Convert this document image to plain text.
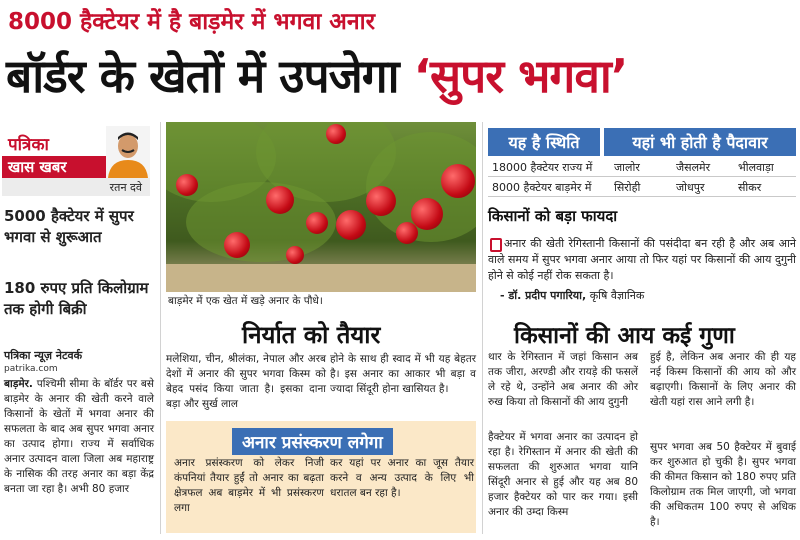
8000 हैक्टेयर में है बाड़मेर में भगवा अनार
बॉर्डर के खेतों में उपजेगा ‘सुपर भगवा’
पत्रिका
खास खबर
रतन दवे
5000 हैक्टेयर में सुपर भगवा से शुरूआत
180 रुपए प्रति किलोग्राम तक होगी बिक्री
पत्रिका न्यूज़ नेटवर्क
patrika.com
बाड़मेर. पश्चिमी सीमा के बॉर्डर पर बसे बाड़मेर के अनार की खेती करने वाले किसानों के खेतों में भगवा अनार की सफलता के बाद अब सुपर भगवा अनार का उत्पाद होगा। राज्य में सर्वाधिक अनार उत्पादन वाला जिला अब महाराष्ट्र के नासिक की तरह अनार का बड़ा केंद्र बनता जा रहा है। अभी 80 हजार
बाड़मेर में एक खेत में खड़े अनार के पौधे।
निर्यात को तैयार
मलेशिया, चीन, श्रीलंका, नेपाल और अरब देशों में अनार की सुपर भगवा किस्म को बेहद पसंद किया जाता है। इसका दाना बड़ा और सुर्ख लाल
होने के साथ ही स्वाद में भी यह बेहतर है। इस अनार का आकार भी बड़ा व ज्यादा सिंदूरी होना खासियत है।
अनार प्रसंस्करण लगेगा
अनार प्रसंस्करण को लेकर निजी कंपनियां तैयार हुईं तो अनार का बढ़ता क्षेत्रफल अब बाड़मेर में भी प्रसंस्करण लगा
कर यहां पर अनार का जूस तैयार करने व अन्य उत्पाद के लिए भी धरातल बन रहा है।
यह है स्थिति	यहां भी होती है पैदावार
18000 हैक्टेयर राज्य में जालोर	जैसलमेर	भीलवाड़ा
8000 हैक्टेयर बाड़मेर में सिरोही	जोधपुर	सीकर
किसानों को बड़ा फायदा
अनार की खेती रेगिस्तानी किसानों की पसंदीदा बन रही है और अब आने वाले समय में सुपर भगवा अनार आया तो फिर यहां पर किसानों की आय दुगुनी होने से कोई नहीं रोक सकता है।
- डॉ. प्रदीप पगारिया, कृषि वैज्ञानिक
किसानों की आय कई गुणा
थार के रेगिस्तान में जहां किसान अब तक जीरा, अरण्डी और रायड़े की फसलें ले रहे थे, उन्होंने अब अनार की ओर रुख किया तो किसानों की आय दुगुनी
हुई है, लेकिन अब अनार की ही यह नई किस्म किसानों की आय को और बढ़ाएगी। किसानों के लिए अनार की खेती यहां रास आने लगी है।
हैक्टेयर में भगवा अनार का उत्पादन हो रहा है। रेगिस्तान में अनार की खेती की सफलता की शुरुआत भगवा यानि सिंदूरी अनार से हुई और यह अब 80 हजार हैक्टेयर को पार कर गया। इसी अनार की उम्दा किस्म
सुपर भगवा अब 50 हैक्टेयर में बुवाई कर शुरुआत हो चुकी है। सुपर भगवा की कीमत किसान को 180 रुपए प्रति किलोग्राम तक मिल जाएगी, जो भगवा की अधिकतम 100 रुपए से अधिक है।
